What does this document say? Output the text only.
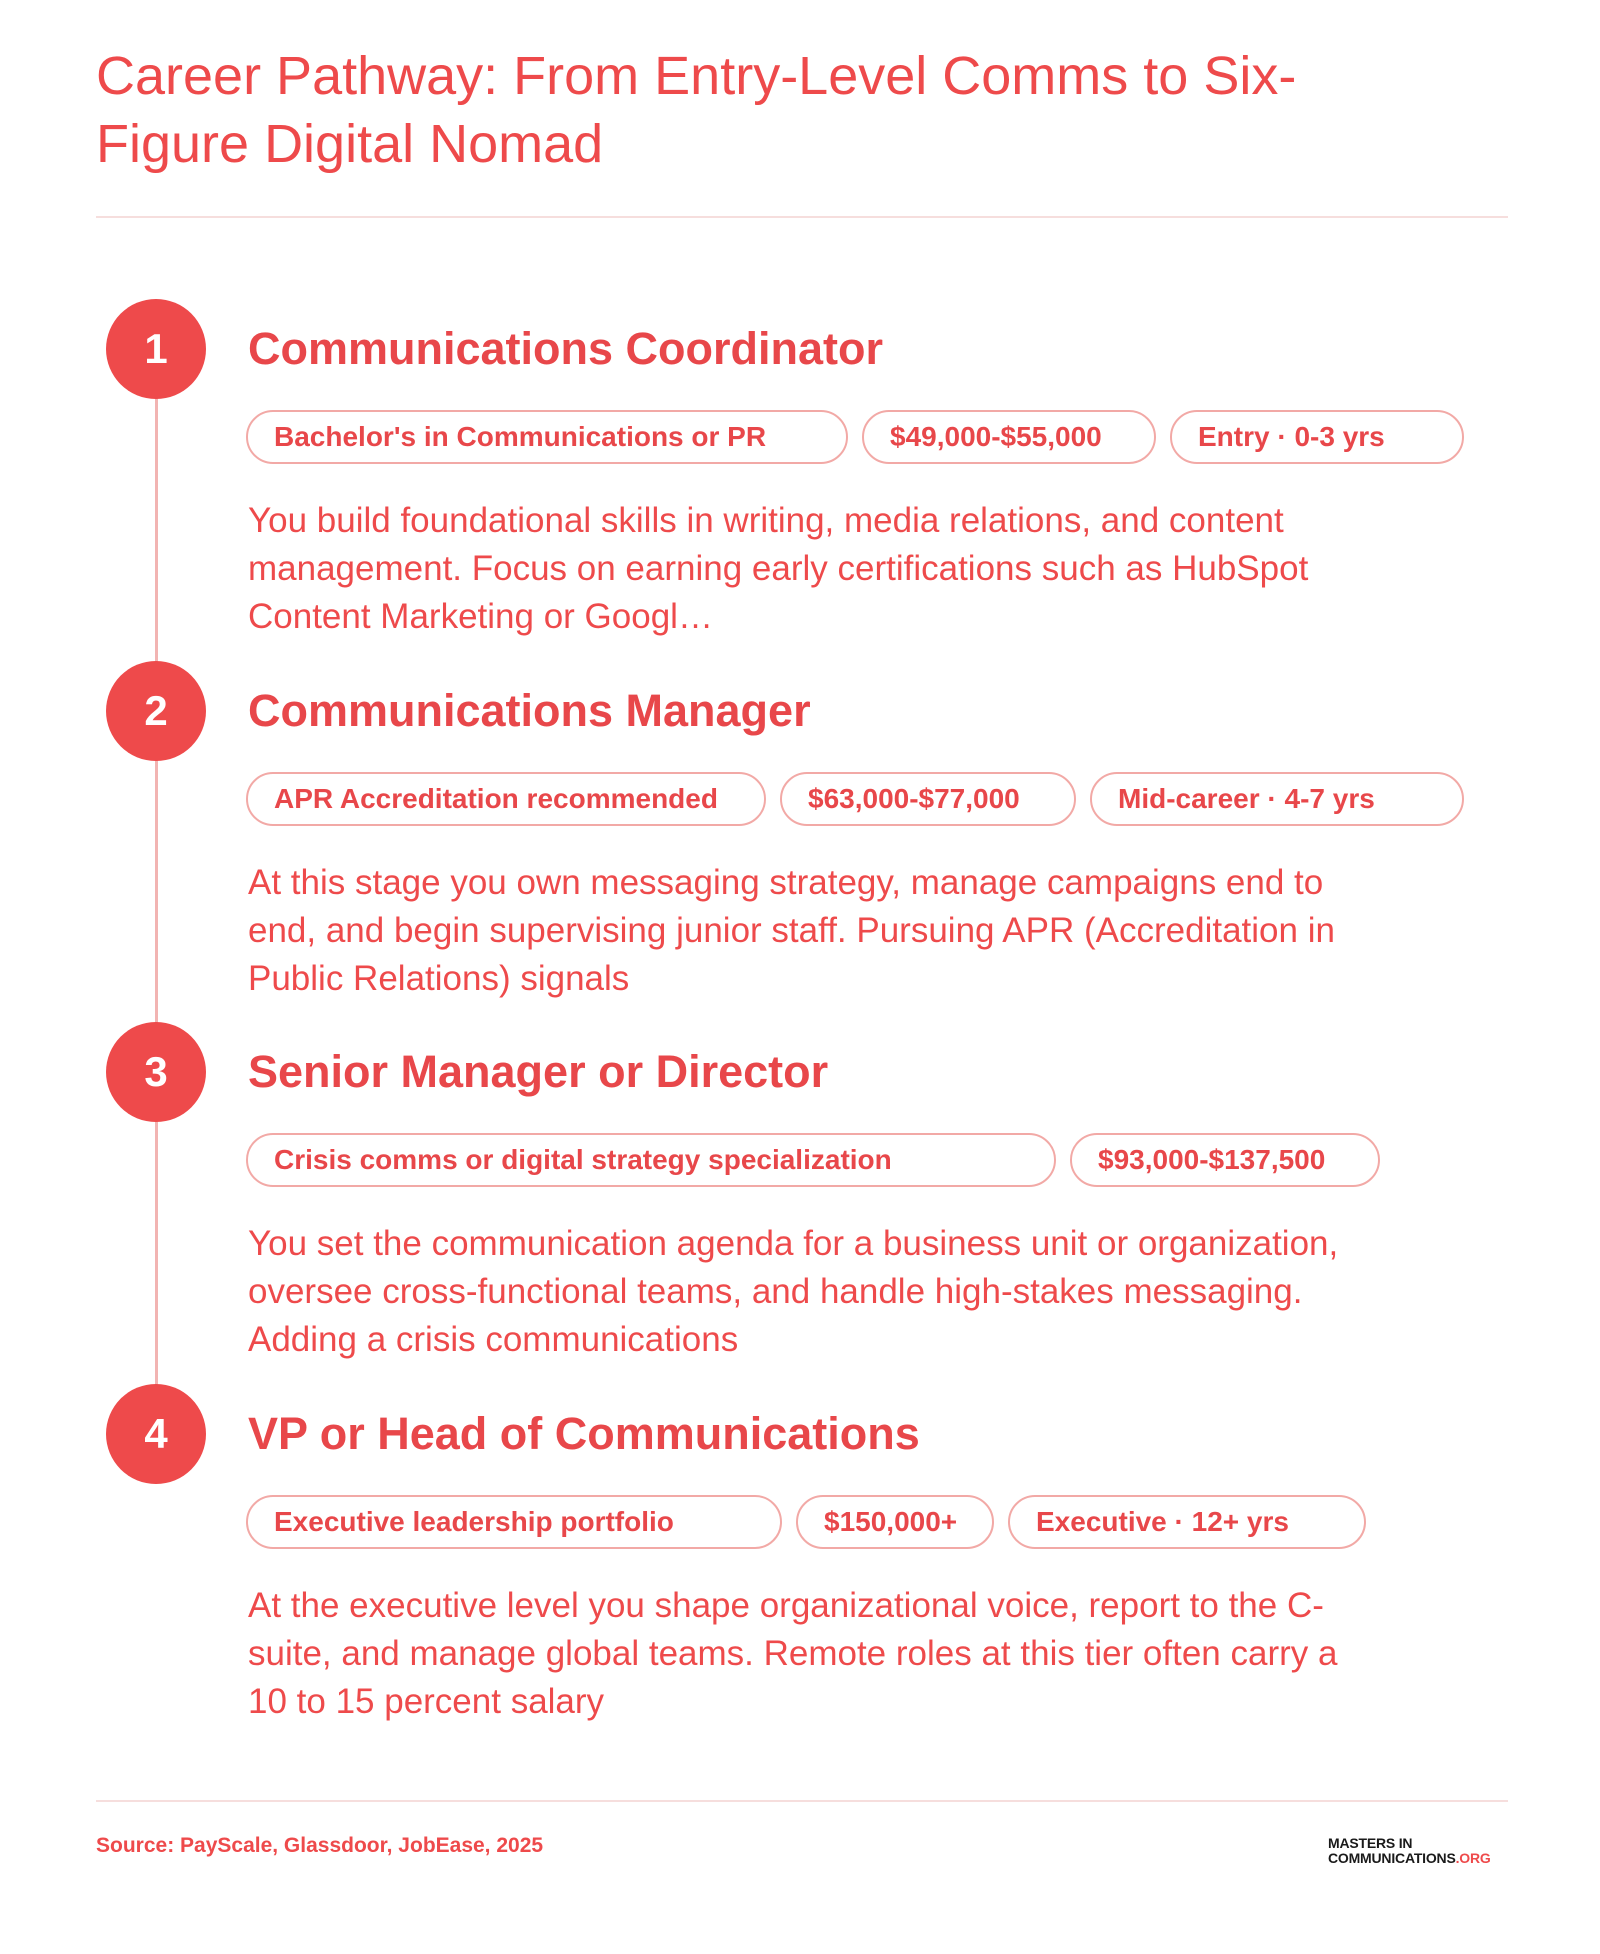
Career Pathway: From Entry-Level Comms to Six-Figure Digital Nomad
1	Communications Coordinator
Bachelor's in Communications or PR	$49,000-$55,000	Entry · 0-3 yrs

You build foundational skills in writing, media relations, and content management. Focus on earning early certifications such as HubSpot Content Marketing or Googl…

2	Communications Manager
APR Accreditation recommended	$63,000-$77,000	Mid-career · 4-7 yrs

At this stage you own messaging strategy, manage campaigns end to end, and begin supervising junior staff. Pursuing APR (Accreditation in Public Relations) signals

3	Senior Manager or Director
Crisis comms or digital strategy specialization	$93,000-$137,500

You set the communication agenda for a business unit or organization, oversee cross-functional teams, and handle high-stakes messaging. Adding a crisis communications

4	VP or Head of Communications
Executive leadership portfolio	$150,000+	Executive · 12+ yrs

At the executive level you shape organizational voice, report to the C-suite, and manage global teams. Remote roles at this tier often carry a 10 to 15 percent salary

Source: PayScale, Glassdoor, JobEase, 2025	MASTERS IN
COMMUNICATIONS.ORG
